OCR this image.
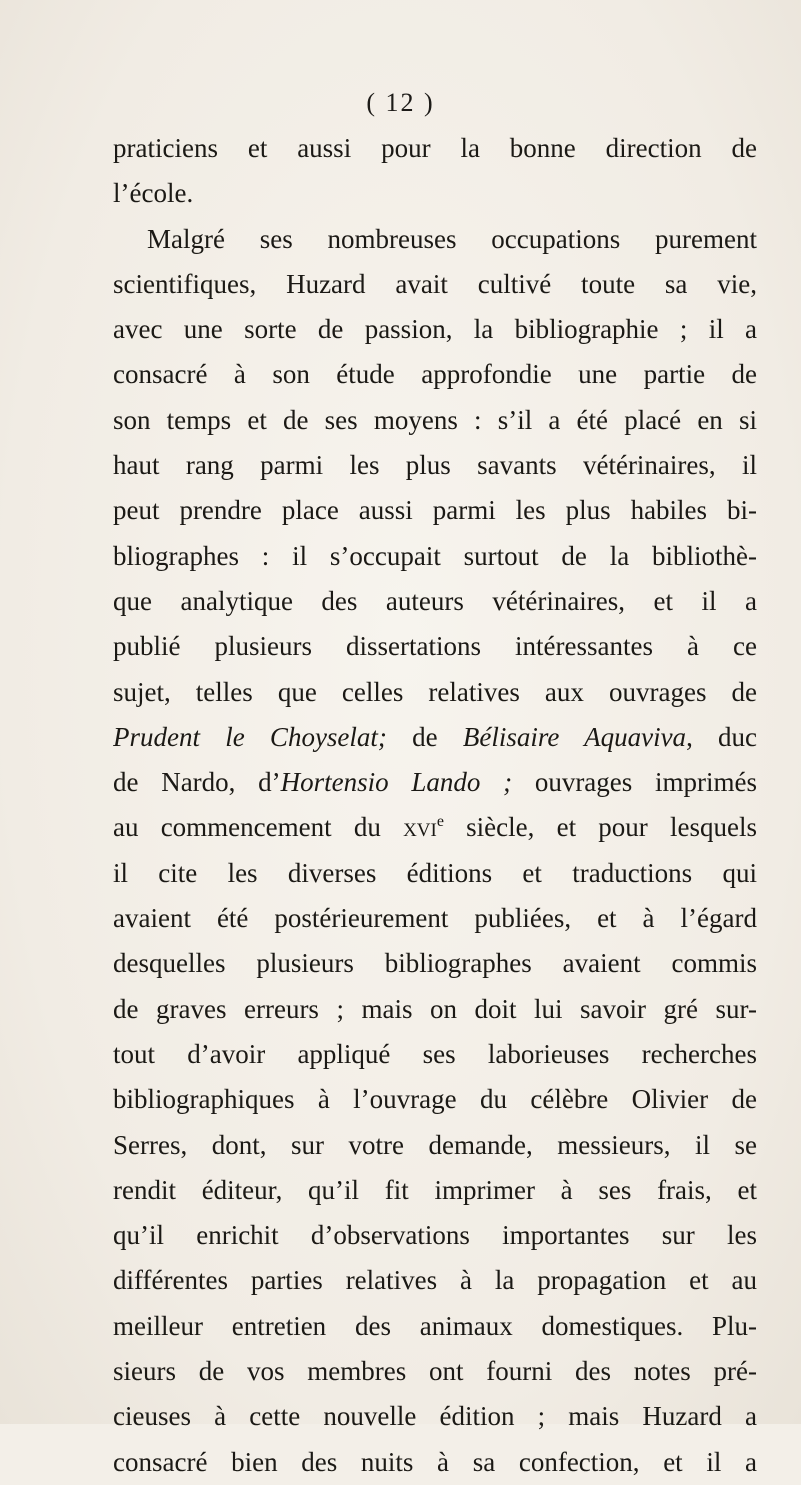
( 12 )
praticiens et aussi pour la bonne direction de
l’école.
Malgré ses nombreuses occupations purement
scientifiques, Huzard avait cultivé toute sa vie,
avec une sorte de passion, la bibliographie ; il a
consacré à son étude approfondie une partie de
son temps et de ses moyens : s’il a été placé en si
haut rang parmi les plus savants vétérinaires, il
peut prendre place aussi parmi les plus habiles bi-
bliographes : il s’occupait surtout de la bibliothè-
que analytique des auteurs vétérinaires, et il a
publié plusieurs dissertations intéressantes à ce
sujet, telles que celles relatives aux ouvrages de
Prudent le Choyselat; de Bélisaire Aquaviva, duc
de Nardo, d’Hortensio Lando ; ouvrages imprimés
au commencement du xvi$^e$ siècle, et pour lesquels
il cite les diverses éditions et traductions qui
avaient été postérieurement publiées, et à l’égard
desquelles plusieurs bibliographes avaient commis
de graves erreurs ; mais on doit lui savoir gré sur-
tout d’avoir appliqué ses laborieuses recherches
bibliographiques à l’ouvrage du célèbre Olivier de
Serres, dont, sur votre demande, messieurs, il se
rendit éditeur, qu’il fit imprimer à ses frais, et
qu’il enrichit d’observations importantes sur les
différentes parties relatives à la propagation et au
meilleur entretien des animaux domestiques. Plu-
sieurs de vos membres ont fourni des notes pré-
cieuses à cette nouvelle édition ; mais Huzard a
consacré bien des nuits à sa confection, et il a
